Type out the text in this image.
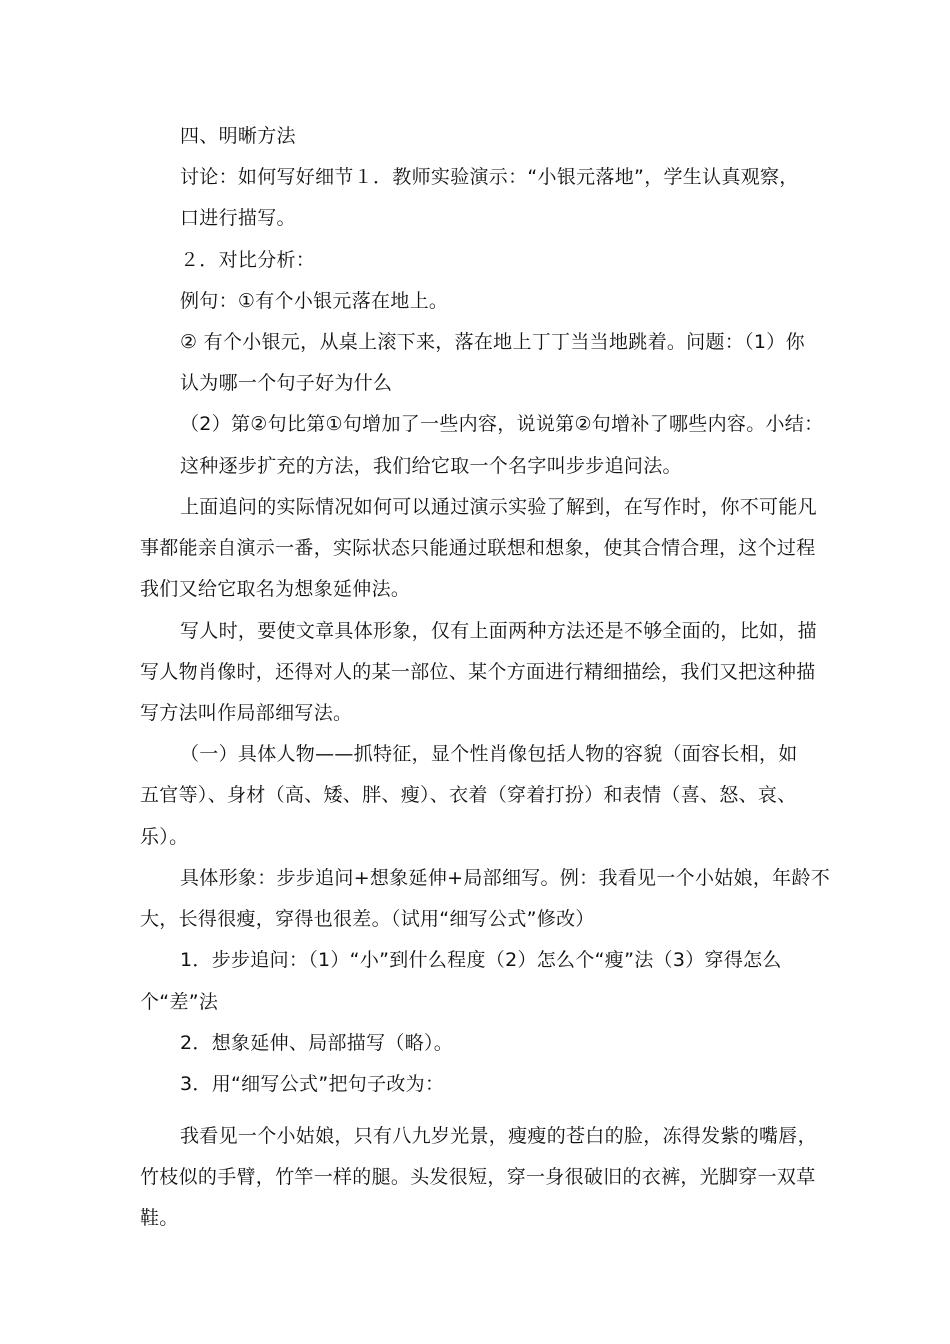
四、明晰方法
讨论：如何写好细节１．教师实验演示：“小银元落地”，学生认真观察，
口进行描写。
２．对比分析：
例句：①有个小银元落在地上。
② 有个小银元，从桌上滚下来，落在地上丁丁当当地跳着。问题：（1）你
认为哪一个句子好为什么
（2）第②句比第①句增加了一些内容，说说第②句增补了哪些内容。小结：
这种逐步扩充的方法，我们给它取一个名字叫步步追问法。
上面追问的实际情况如何可以通过演示实验了解到，在写作时，你不可能凡
事都能亲自演示一番，实际状态只能通过联想和想象，使其合情合理，这个过程
我们又给它取名为想象延伸法。
写人时，要使文章具体形象，仅有上面两种方法还是不够全面的，比如，描
写人物肖像时，还得对人的某一部位、某个方面进行精细描绘，我们又把这种描
写方法叫作局部细写法。
（一）具体人物——抓特征，显个性肖像包括人物的容貌（面容长相，如
五官等）、身材（高、矮、胖、瘦）、衣着（穿着打扮）和表情（喜、怒、哀、
乐）。
具体形象：步步追问+想象延伸+局部细写。例：我看见一个小姑娘，年龄不
大，长得很瘦，穿得也很差。（试用“细写公式”修改）
1．步步追问：（1）“小”到什么程度（2）怎么个“瘦”法（3）穿得怎么
个“差”法
2．想象延伸、局部描写（略）。
3．用“细写公式”把句子改为：
我看见一个小姑娘，只有八九岁光景，瘦瘦的苍白的脸，冻得发紫的嘴唇，
竹枝似的手臂，竹竿一样的腿。头发很短，穿一身很破旧的衣裤，光脚穿一双草
鞋。
